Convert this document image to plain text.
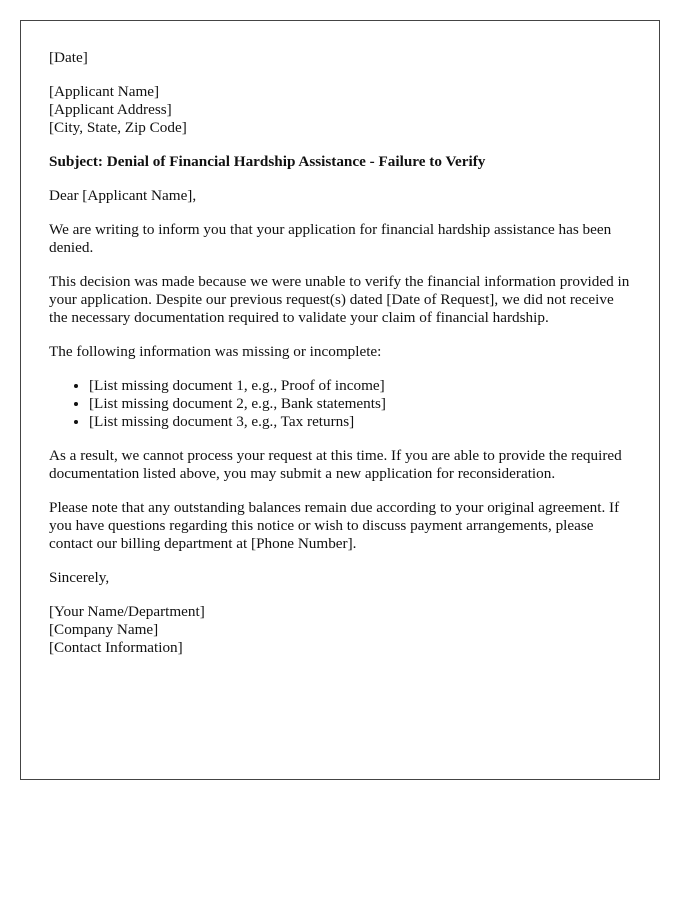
[Date]

[Applicant Name]
[Applicant Address]
[City, State, Zip Code]

Subject: Denial of Financial Hardship Assistance - Failure to Verify

Dear [Applicant Name],

We are writing to inform you that your application for financial hardship assistance has been denied.

This decision was made because we were unable to verify the financial information provided in your application. Despite our previous request(s) dated [Date of Request], we did not receive the necessary documentation required to validate your claim of financial hardship.

The following information was missing or incomplete:

• [List missing document 1, e.g., Proof of income]
• [List missing document 2, e.g., Bank statements]
• [List missing document 3, e.g., Tax returns]

As a result, we cannot process your request at this time. If you are able to provide the required documentation listed above, you may submit a new application for reconsideration.

Please note that any outstanding balances remain due according to your original agreement. If you have questions regarding this notice or wish to discuss payment arrangements, please contact our billing department at [Phone Number].

Sincerely,

[Your Name/Department]
[Company Name]
[Contact Information]
